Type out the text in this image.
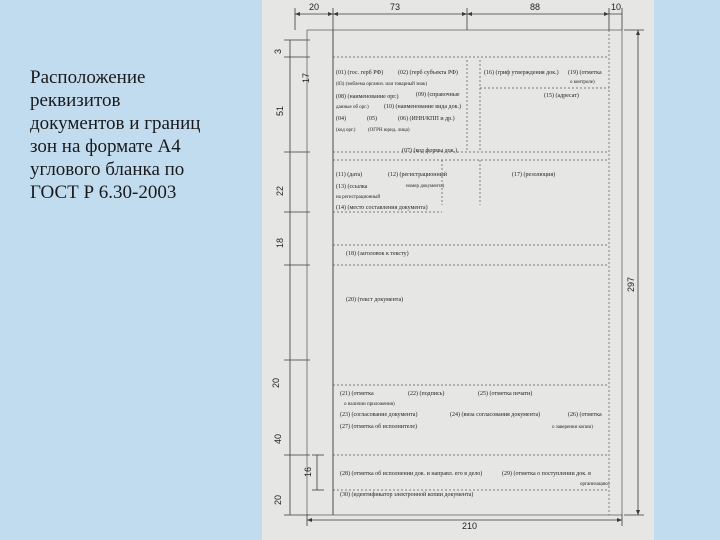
Расположение
реквизитов
документов и границ
зон на формате А4
углового бланка по
ГОСТ Р 6.30-2003
20	73	88	10
3
17
51
22
18
20
40
16
20
297
210
(01) (гос. герб РФ) (02) (герб субъекта РФ)	(16) (гриф утверждения док.) (19) (отметка
о контроле)
(03) (эмблема организ. или товарный знак)
(15) (адресат)
(08) (наименование орг.)	(09) (справочные
данные об орг.)	(10) (наименование вида док.)
(04)	(05)	(06) (ИНН/КПП и др.)
(код орг.)	(ОГРН юрид. лица)
(07) (код формы док.)
(11) (дата)	(12) (регистрационный
номер документа)
(17) (резолюция)
(13) (ссылка
на регистрационный
(14) (место составления документа)
(18) (заголовок к тексту)
(20) (текст документа)
(21) (отметка
о наличии приложения)
(22) (подпись)	(25) (отметка печати)
(23) (согласование документа)	(24) (виза согласования документа)	(26) (отметка
о заверении копии)
(27) (отметка об исполнителе)
(28) (отметка об исполнении док. и направл. его в дело)	(29) (отметка о поступлении док. в
организацию)
(30) (идентификатор электронной копии документа)
